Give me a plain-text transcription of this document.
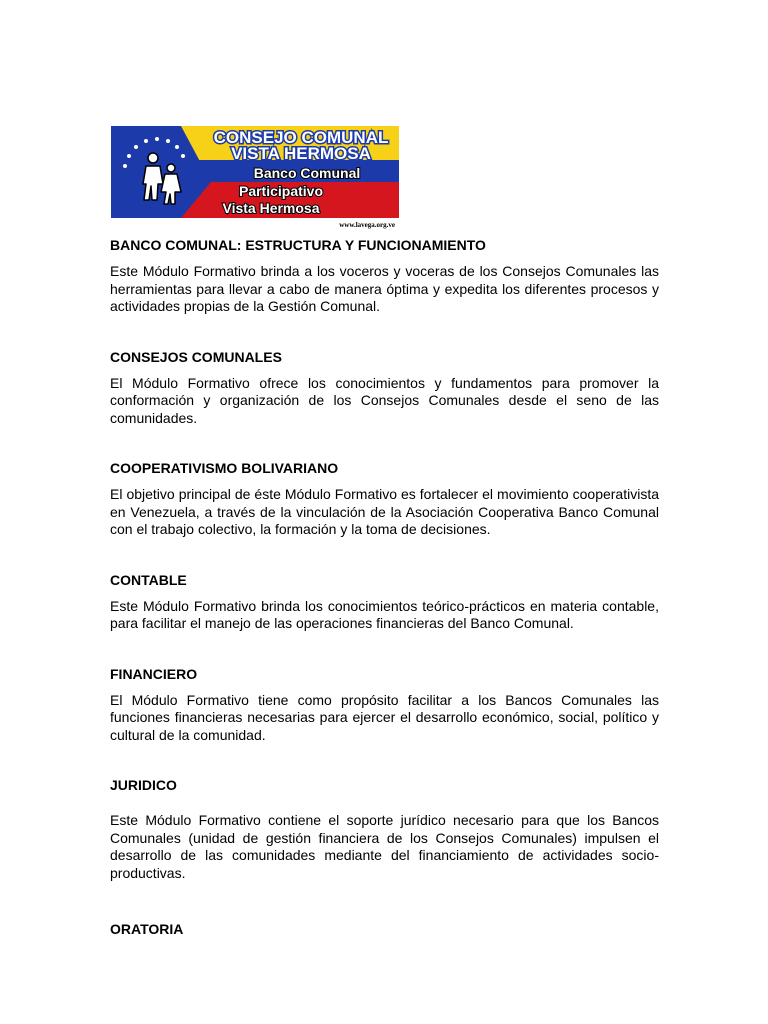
CONSEJO COMUNAL
VISTA HERMOSA
Banco Comunal
Participativo
Vista Hermosa
www.lavega.org.ve

BANCO COMUNAL: ESTRUCTURA Y FUNCIONAMIENTO

Este Módulo Formativo brinda a los voceros y voceras de los Consejos Comunales las herramientas para llevar a cabo de manera óptima y expedita los diferentes procesos y actividades propias de la Gestión Comunal.

CONSEJOS COMUNALES

El Módulo Formativo ofrece los conocimientos y fundamentos para promover la conformación y organización de los Consejos Comunales desde el seno de las comunidades.

COOPERATIVISMO BOLIVARIANO

El objetivo principal de éste Módulo Formativo es fortalecer el movimiento cooperativista en Venezuela, a través de la vinculación de la Asociación Cooperativa Banco Comunal con el trabajo colectivo, la formación y la toma de decisiones.

CONTABLE

Este Módulo Formativo brinda los conocimientos teórico-prácticos en materia contable, para facilitar el manejo de las operaciones financieras del Banco Comunal.

FINANCIERO

El Módulo Formativo tiene como propósito facilitar a los Bancos Comunales las funciones financieras necesarias para ejercer el desarrollo económico, social, político y cultural de la comunidad.

JURIDICO

Este Módulo Formativo contiene el soporte jurídico necesario para que los Bancos Comunales (unidad de gestión financiera de los Consejos Comunales) impulsen el desarrollo de las comunidades mediante del financiamiento de actividades socio-productivas.

ORATORIA
